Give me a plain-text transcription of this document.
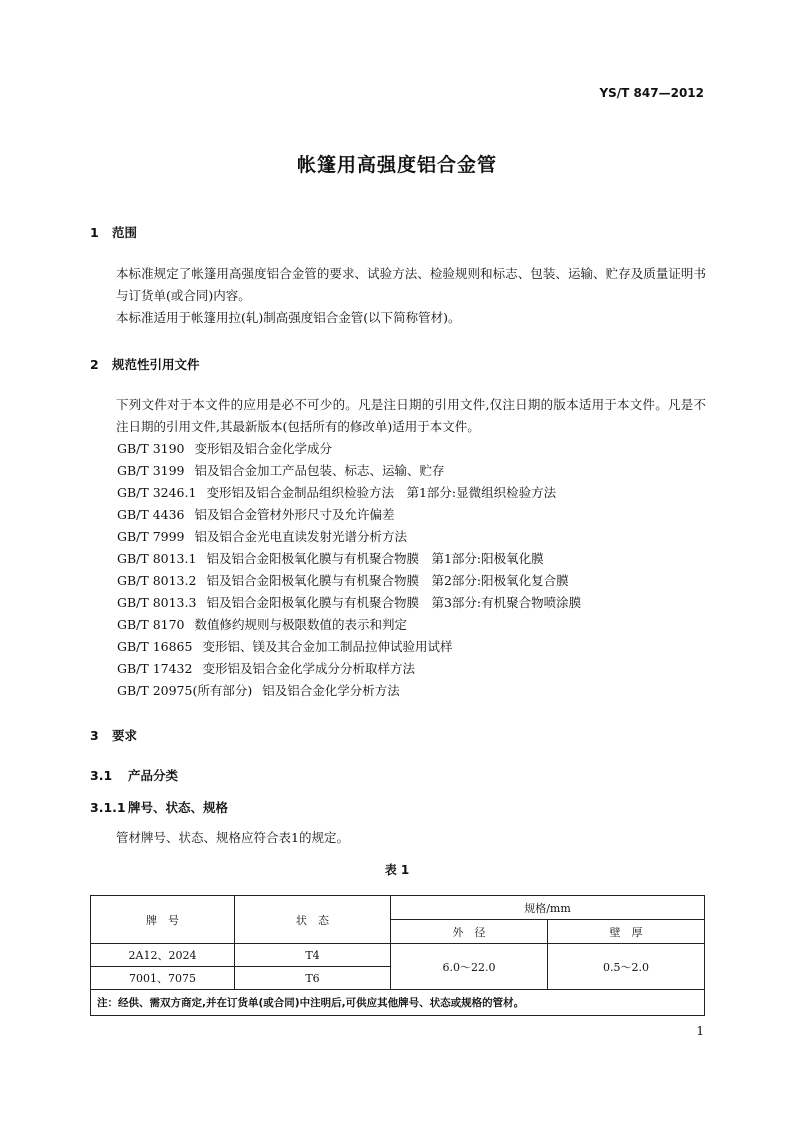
YS/T 847—2012
帐篷用高强度铝合金管
1 范围
本标准规定了帐篷用高强度铝合金管的要求、试验方法、检验规则和标志、包装、运输、贮存及质量证明书与订货单(或合同)内容。
本标准适用于帐篷用拉(轧)制高强度铝合金管(以下简称管材)。
2 规范性引用文件
下列文件对于本文件的应用是必不可少的。凡是注日期的引用文件,仅注日期的版本适用于本文件。凡是不注日期的引用文件,其最新版本(包括所有的修改单)适用于本文件。
GB/T 3190 变形铝及铝合金化学成分
GB/T 3199 铝及铝合金加工产品包装、标志、运输、贮存
GB/T 3246.1 变形铝及铝合金制品组织检验方法　第1部分:显微组织检验方法
GB/T 4436 铝及铝合金管材外形尺寸及允许偏差
GB/T 7999 铝及铝合金光电直读发射光谱分析方法
GB/T 8013.1 铝及铝合金阳极氧化膜与有机聚合物膜　第1部分:阳极氧化膜
GB/T 8013.2 铝及铝合金阳极氧化膜与有机聚合物膜　第2部分:阳极氧化复合膜
GB/T 8013.3 铝及铝合金阳极氧化膜与有机聚合物膜　第3部分:有机聚合物喷涂膜
GB/T 8170 数值修约规则与极限数值的表示和判定
GB/T 16865 变形铝、镁及其合金加工制品拉伸试验用试样
GB/T 17432 变形铝及铝合金化学成分分析取样方法
GB/T 20975(所有部分) 铝及铝合金化学分析方法
3 要求
3.1 产品分类
3.1.1 牌号、状态、规格
管材牌号、状态、规格应符合表1的规定。
表 1
牌　号	状　态	规格/mm	
		外　径	壁　厚
2A12、2024	T4	6.0～22.0	0.5～2.0
7001、7075	T6		
注：经供、需双方商定,并在订货单(或合同)中注明后,可供应其他牌号、状态或规格的管材。			
1
